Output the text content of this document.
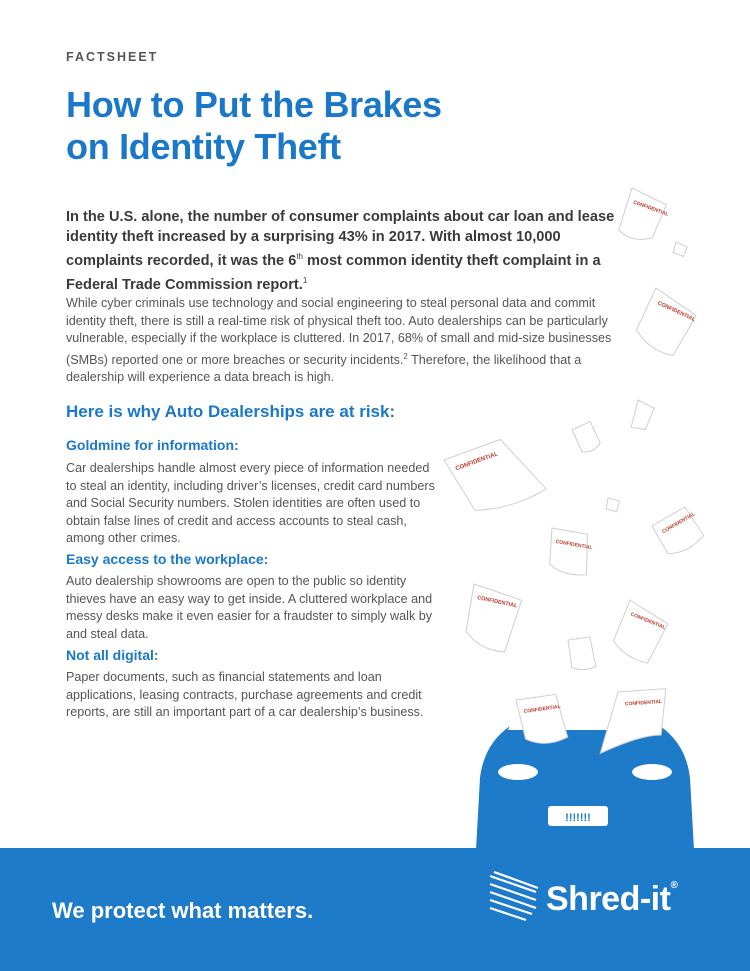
FACTSHEET
How to Put the Brakes
on Identity Theft

In the U.S. alone, the number of consumer complaints about car loan and lease identity theft increased by a surprising 43% in 2017. With almost 10,000 complaints recorded, it was the 6th most common identity theft complaint in a Federal Trade Commission report.$^1$

While cyber criminals use technology and social engineering to steal personal data and commit identity theft, there is still a real-time risk of physical theft too. Auto dealerships can be particularly vulnerable, especially if the workplace is cluttered. In 2017, 68% of small and mid-size businesses (SMBs) reported one or more breaches or security incidents.$^2$ Therefore, the likelihood that a dealership will experience a data breach is high.

Here is why Auto Dealerships are at risk:
Goldmine for information:

Car dealerships handle almost every piece of information needed to steal an identity, including driver’s licenses, credit card numbers and Social Security numbers. Stolen identities are often used to obtain false lines of credit and access accounts to steal cash, among other crimes.

Easy access to the workplace:

Auto dealership showrooms are open to the public so identity thieves have an easy way to get inside. A cluttered workplace and messy desks make it even easier for a fraudster to simply walk by and steal data.

Not all digital:

Paper documents, such as financial statements and loan applications, leasing contracts, purchase agreements and credit reports, are still an important part of a car dealership’s business.

CONFIDENTIAL
CONFIDENTIAL
CONFIDENTIAL
CONFIDENTIAL
CONFIDENTIAL
CONFIDENTIAL
CONFIDENTIAL
!!!!!!!
CONFIDENTIAL
CONFIDENTIAL
We protect what matters.	Shred-it®
